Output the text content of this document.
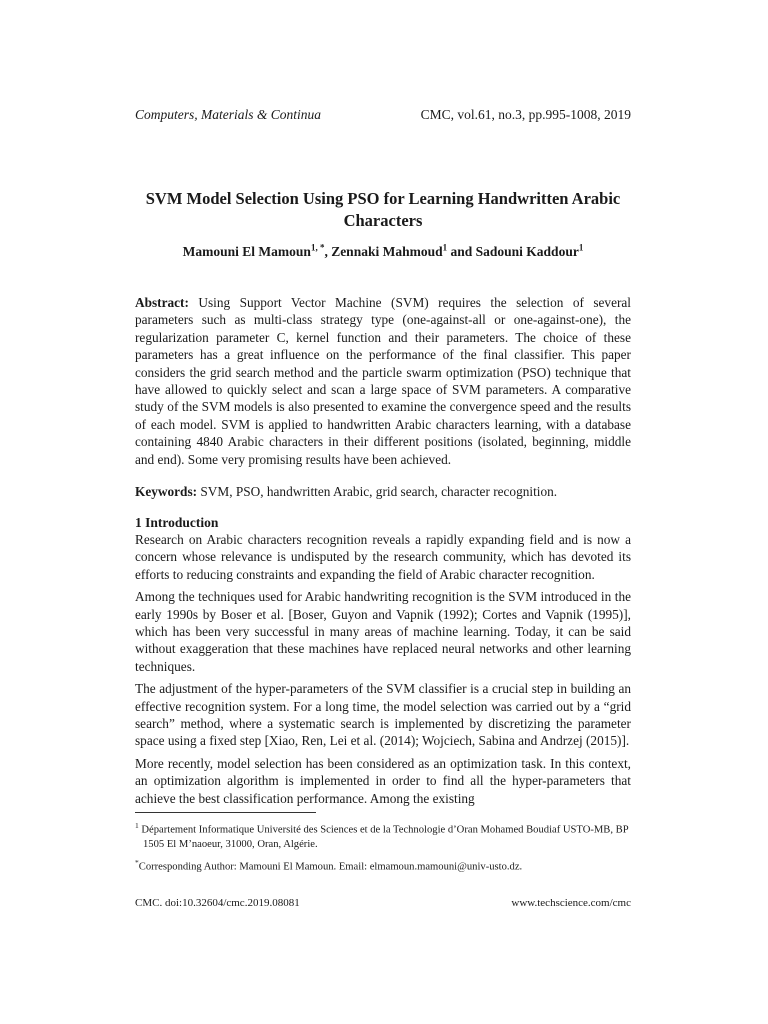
Computers, Materials & Continua	CMC, vol.61, no.3, pp.995-1008, 2019
SVM Model Selection Using PSO for Learning Handwritten Arabic Characters
Mamouni El Mamoun$^{1, *}$, Zennaki Mahmoud$^1$ and Sadouni Kaddour$^1$
Abstract: Using Support Vector Machine (SVM) requires the selection of several parameters such as multi-class strategy type (one-against-all or one-against-one), the regularization parameter C, kernel function and their parameters. The choice of these parameters has a great influence on the performance of the final classifier. This paper considers the grid search method and the particle swarm optimization (PSO) technique that have allowed to quickly select and scan a large space of SVM parameters. A comparative study of the SVM models is also presented to examine the convergence speed and the results of each model. SVM is applied to handwritten Arabic characters learning, with a database containing 4840 Arabic characters in their different positions (isolated, beginning, middle and end). Some very promising results have been achieved.
Keywords: SVM, PSO, handwritten Arabic, grid search, character recognition.
1 Introduction

Research on Arabic characters recognition reveals a rapidly expanding field and is now a concern whose relevance is undisputed by the research community, which has devoted its efforts to reducing constraints and expanding the field of Arabic character recognition.

Among the techniques used for Arabic handwriting recognition is the SVM introduced in the early 1990s by Boser et al. [Boser, Guyon and Vapnik (1992); Cortes and Vapnik (1995)], which has been very successful in many areas of machine learning. Today, it can be said without exaggeration that these machines have replaced neural networks and other learning techniques.

The adjustment of the hyper-parameters of the SVM classifier is a crucial step in building an effective recognition system. For a long time, the model selection was carried out by a “grid search” method, where a systematic search is implemented by discretizing the parameter space using a fixed step [Xiao, Ren, Lei et al. (2014); Wojciech, Sabina and Andrzej (2015)].

More recently, model selection has been considered as an optimization task. In this context, an optimization algorithm is implemented in order to find all the hyper-parameters that achieve the best classification performance. Among the existing

$^1$ Département Informatique Université des Sciences et de la Technologie d’Oran Mohamed Boudiaf USTO-MB, BP 1505 El M’naoeur, 31000, Oran, Algérie.

*Corresponding Author: Mamouni El Mamoun. Email: elmamoun.mamouni@univ-usto.dz.

CMC. doi:10.32604/cmc.2019.08081	www.techscience.com/cmc
